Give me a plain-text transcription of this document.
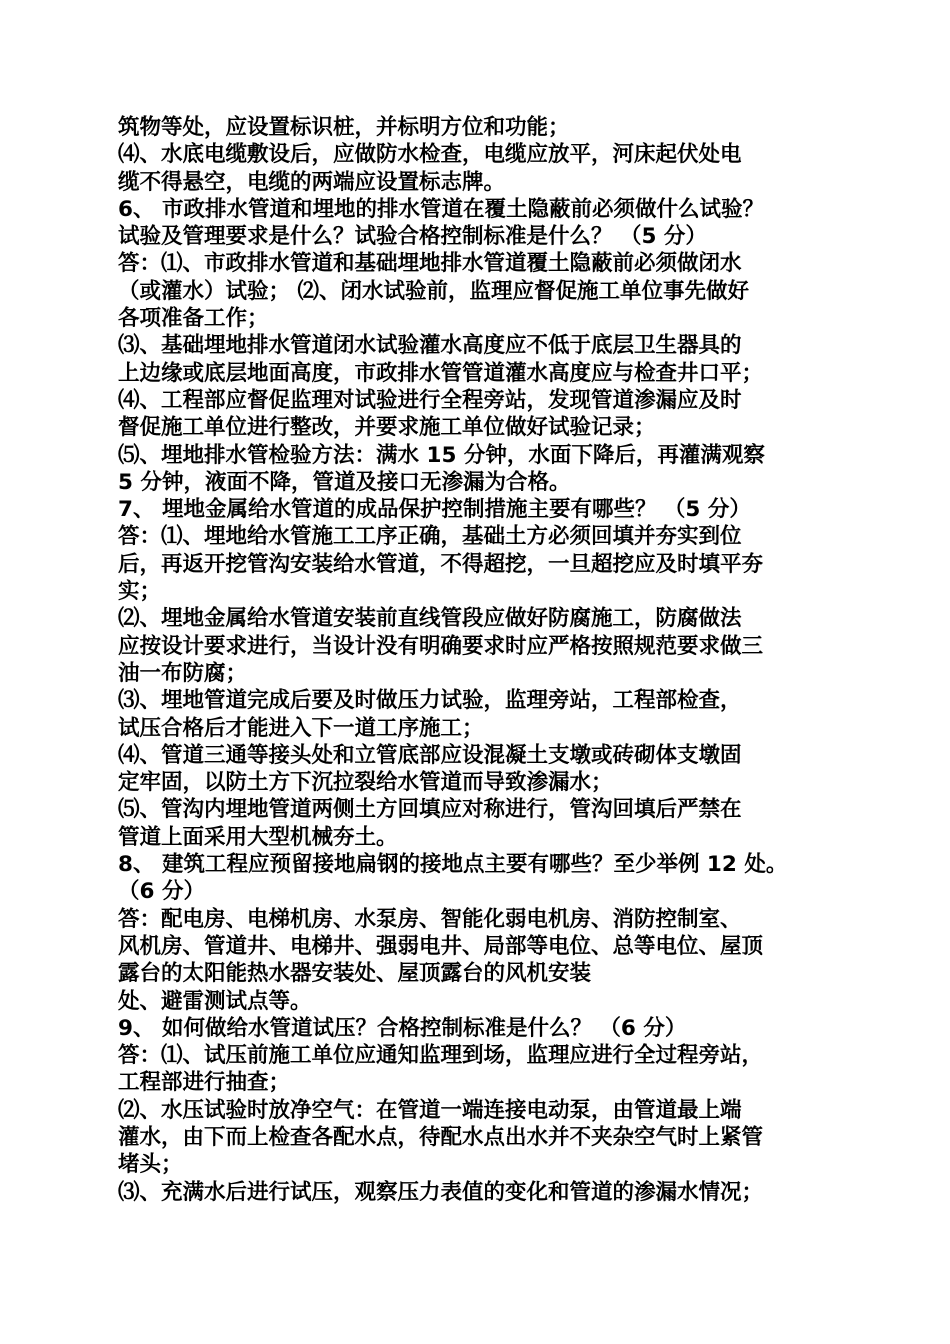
筑物等处，应设置标识桩，并标明方位和功能；
⑷、水底电缆敷设后，应做防水检查，电缆应放平，河床起伏处电
缆不得悬空，电缆的两端应设置标志牌。
6、 市政排水管道和埋地的排水管道在覆土隐蔽前必须做什么试验？
试验及管理要求是什么？试验合格控制标准是什么？ （5 分）
答：⑴、市政排水管道和基础埋地排水管道覆土隐蔽前必须做闭水
（或灌水）试验； ⑵、闭水试验前，监理应督促施工单位事先做好
各项准备工作；
⑶、基础埋地排水管道闭水试验灌水高度应不低于底层卫生器具的
上边缘或底层地面高度，市政排水管管道灌水高度应与检查井口平；
⑷、工程部应督促监理对试验进行全程旁站，发现管道渗漏应及时
督促施工单位进行整改，并要求施工单位做好试验记录；
⑸、埋地排水管检验方法：满水 15 分钟，水面下降后，再灌满观察
5 分钟，液面不降，管道及接口无渗漏为合格。
7、 埋地金属给水管道的成品保护控制措施主要有哪些？ （5 分）
答：⑴、埋地给水管施工工序正确，基础土方必须回填并夯实到位
后，再返开挖管沟安装给水管道，不得超挖，一旦超挖应及时填平夯
实；
⑵、埋地金属给水管道安装前直线管段应做好防腐施工，防腐做法
应按设计要求进行，当设计没有明确要求时应严格按照规范要求做三
油一布防腐；
⑶、埋地管道完成后要及时做压力试验，监理旁站，工程部检查，
试压合格后才能进入下一道工序施工；
⑷、管道三通等接头处和立管底部应设混凝土支墩或砖砌体支墩固
定牢固，以防土方下沉拉裂给水管道而导致渗漏水；
⑸、管沟内埋地管道两侧土方回填应对称进行，管沟回填后严禁在
管道上面采用大型机械夯土。
8、 建筑工程应预留接地扁钢的接地点主要有哪些？至少举例 12 处。
（6 分）
答：配电房、电梯机房、水泵房、智能化弱电机房、消防控制室、
风机房、管道井、电梯井、强弱电井、局部等电位、总等电位、屋顶
露台的太阳能热水器安装处、屋顶露台的风机安装
处、避雷测试点等。
9、 如何做给水管道试压？合格控制标准是什么？ （6 分）
答：⑴、试压前施工单位应通知监理到场，监理应进行全过程旁站，
工程部进行抽查；
⑵、水压试验时放净空气：在管道一端连接电动泵，由管道最上端
灌水，由下而上检查各配水点，待配水点出水并不夹杂空气时上紧管
堵头；
⑶、充满水后进行试压，观察压力表值的变化和管道的渗漏水情况；
